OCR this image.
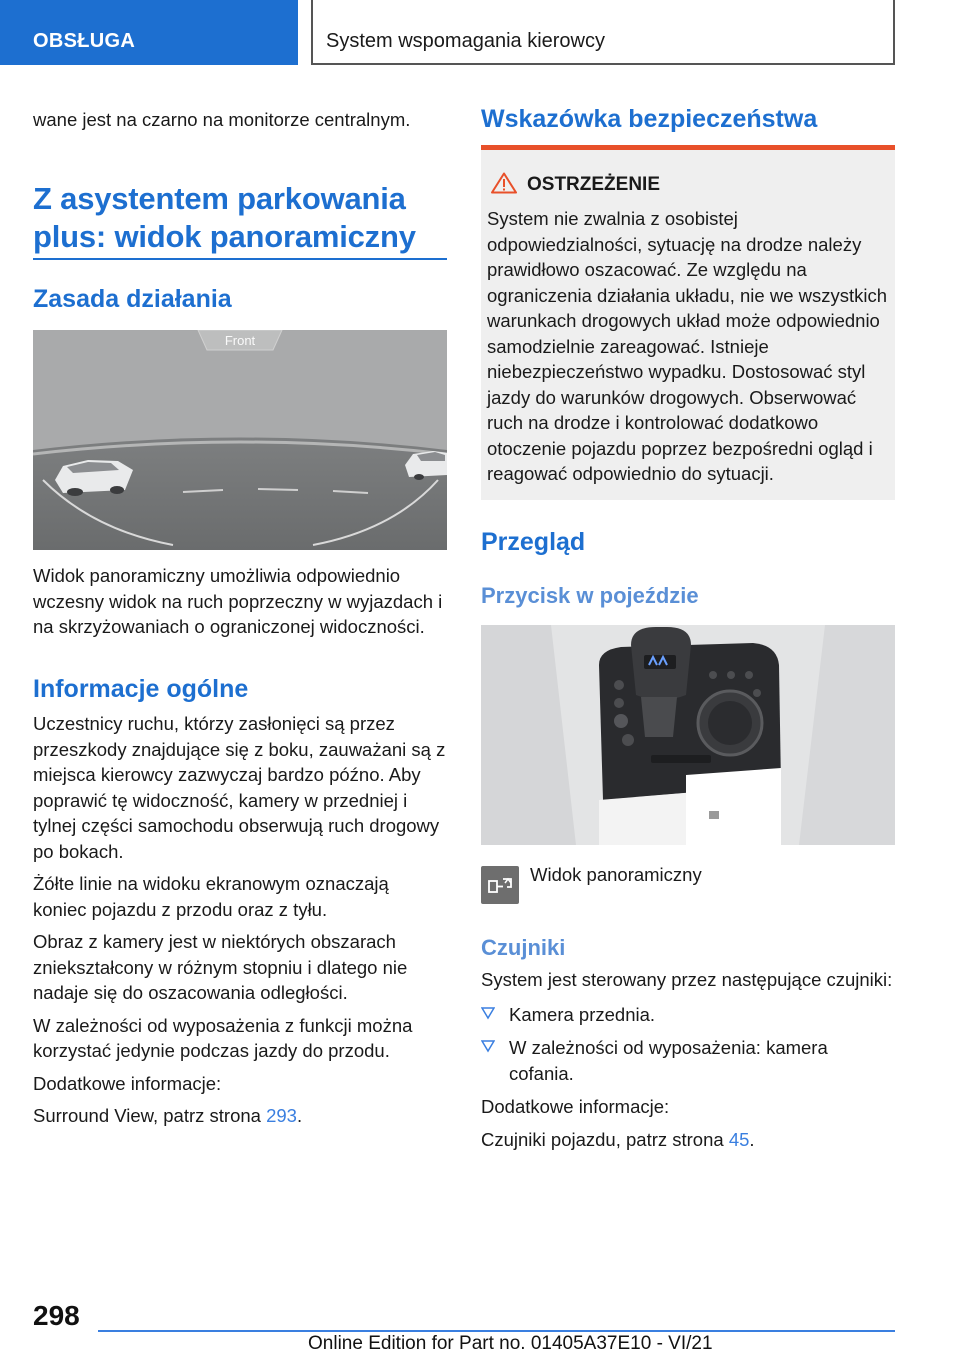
OBSŁUGA	System wspomagania kierowcy

wane jest na czarno na monitorze centralnym.

Z asystentem parkowania plus: widok panoramiczny
Zasada działania
Front

Widok panoramiczny umożliwia odpowiednio wczesny widok na ruch poprzeczny w wyjazdach i na skrzyżowaniach o ograniczonej widoczności.

Informacje ogólne

Uczestnicy ruchu, którzy zasłonięci są przez przeszkody znajdujące się z boku, zauważani są z miejsca kierowcy zazwyczaj bardzo późno. Aby poprawić tę widoczność, kamery w przedniej i tylnej części samochodu obserwują ruch drogowy po bokach.

Żółte linie na widoku ekranowym oznaczają koniec pojazdu z przodu oraz z tyłu.

Obraz z kamery jest w niektórych obszarach zniekształcony w różnym stopniu i dlatego nie nadaje się do oszacowania odległości.

W zależności od wyposażenia z funkcji można korzystać jedynie podczas jazdy do przodu.

Dodatkowe informacje:

Surround View, patrz strona 293.

Wskazówka bezpieczeństwa
OSTRZEŻENIE

System nie zwalnia z osobistej odpowiedzialności, sytuację na drodze należy prawidłowo oszacować. Ze względu na ograniczenia działania układu, nie we wszystkich warunkach drogowych układ może odpowiednio samodzielnie zareagować. Istnieje niebezpieczeństwo wypadku. Dostosować styl jazdy do warunków drogowych. Obserwować ruch na drodze i kontrolować dodatkowo otoczenie pojazdu poprzez bezpośredni ogląd i reagować odpowiednio do sytuacji.

Przegląd
Przycisk w pojeździe

Widok panoramiczny

Czujniki

System jest sterowany przez następujące czujniki:

Kamera przednia.
W zależności od wyposażenia: kamera cofania.

Dodatkowe informacje:

Czujniki pojazdu, patrz strona 45.

298
Online Edition for Part no. 01405A37E10 - VI/21
